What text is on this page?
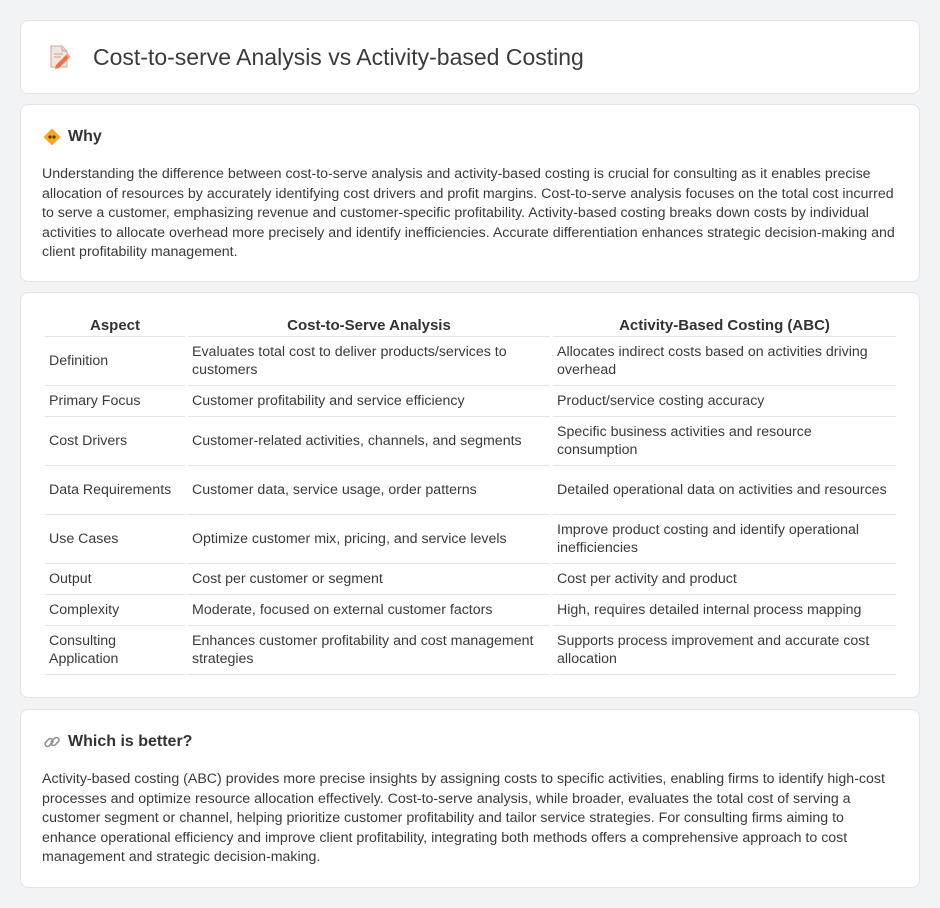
Cost-to-serve Analysis vs Activity-based Costing
Why

Understanding the difference between cost-to-serve analysis and activity-based costing is crucial for consulting as it enables precise allocation of resources by accurately identifying cost drivers and profit margins. Cost-to-serve analysis focuses on the total cost incurred to serve a customer, emphasizing revenue and customer-specific profitability. Activity-based costing breaks down costs by individual activities to allocate overhead more precisely and identify inefficiencies. Accurate differentiation enhances strategic decision-making and client profitability management.

Aspect	Cost-to-Serve Analysis	Activity-Based Costing (ABC)
Definition	Evaluates total cost to deliver products/services to customers	Allocates indirect costs based on activities driving overhead
Primary Focus	Customer profitability and service efficiency	Product/service costing accuracy
Cost Drivers	Customer-related activities, channels, and segments	Specific business activities and resource consumption
Data Requirements	Customer data, service usage, order patterns	Detailed operational data on activities and resources
Use Cases	Optimize customer mix, pricing, and service levels	Improve product costing and identify operational inefficiencies
Output	Cost per customer or segment	Cost per activity and product
Complexity	Moderate, focused on external customer factors	High, requires detailed internal process mapping
Consulting Application	Enhances customer profitability and cost management strategies	Supports process improvement and accurate cost allocation
Which is better?

Activity-based costing (ABC) provides more precise insights by assigning costs to specific activities, enabling firms to identify high-cost processes and optimize resource allocation effectively. Cost-to-serve analysis, while broader, evaluates the total cost of serving a customer segment or channel, helping prioritize customer profitability and tailor service strategies. For consulting firms aiming to enhance operational efficiency and improve client profitability, integrating both methods offers a comprehensive approach to cost management and strategic decision-making.
